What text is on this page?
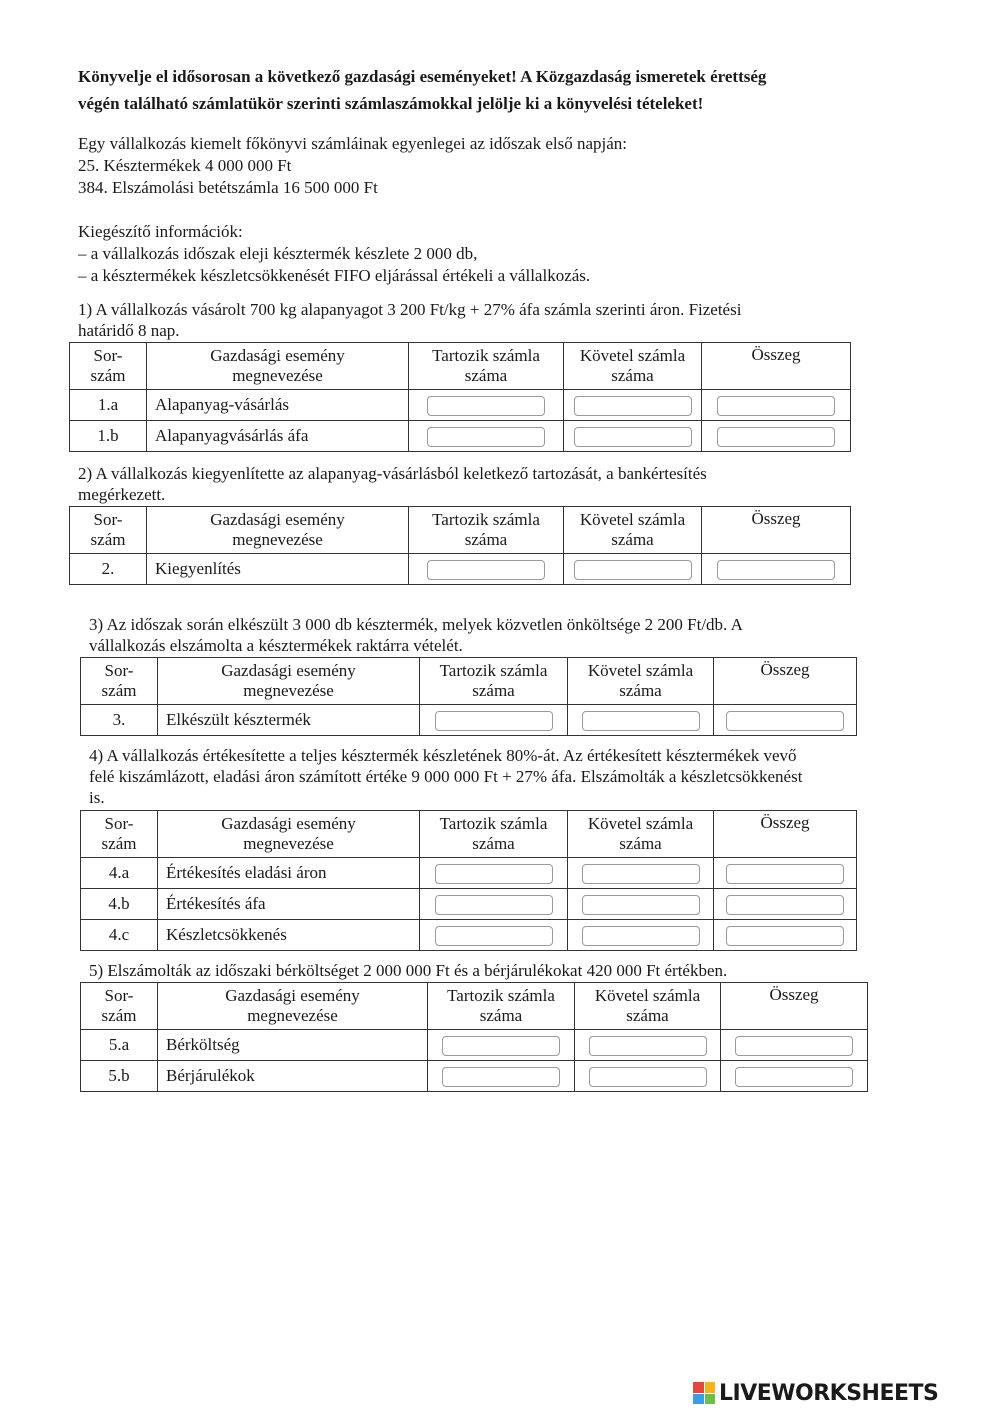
Könyvelje el idősorosan a következő gazdasági eseményeket! A Közgazdaság ismeretek érettség
végén található számlatükör szerinti számlaszámokkal jelölje ki a könyvelési tételeket!
Egy vállalkozás kiemelt főkönyvi számláinak egyenlegei az időszak első napján:
25. Késztermékek 4 000 000 Ft
384. Elszámolási betétszámla 16 500 000 Ft
Kiegészítő információk:
– a vállalkozás időszak eleji késztermék készlete 2 000 db,
– a késztermékek készletcsökkenését FIFO eljárással értékeli a vállalkozás.
1) A vállalkozás vásárolt 700 kg alapanyagot 3 200 Ft/kg + 27% áfa számla szerinti áron. Fizetési
határidő 8 nap.
Sor-
szám	Gazdasági esemény
megnevezése	Tartozik számla
száma	Követel számla
száma	Összeg
1.a	Alapanyag-vásárlás			
1.b	Alapanyagvásárlás áfa			
2) A vállalkozás kiegyenlítette az alapanyag-vásárlásból keletkező tartozását, a bankértesítés
megérkezett.
Sor-
szám	Gazdasági esemény
megnevezése	Tartozik számla
száma	Követel számla
száma	Összeg
2.	Kiegyenlítés			
3) Az időszak során elkészült 3 000 db késztermék, melyek közvetlen önköltsége 2 200 Ft/db. A
vállalkozás elszámolta a késztermékek raktárra vételét.
Sor-
szám	Gazdasági esemény
megnevezése	Tartozik számla
száma	Követel számla
száma	Összeg
3.	Elkészült késztermék			
4) A vállalkozás értékesítette a teljes késztermék készletének 80%-át. Az értékesített késztermékek vevő
felé kiszámlázott, eladási áron számított értéke 9 000 000 Ft + 27% áfa. Elszámolták a készletcsökkenést
is.
Sor-
szám	Gazdasági esemény
megnevezése	Tartozik számla
száma	Követel számla
száma	Összeg
4.a	Értékesítés eladási áron			
4.b	Értékesítés áfa			
4.c	Készletcsökkenés			
5) Elszámolták az időszaki bérköltséget 2 000 000 Ft és a bérjárulékokat 420 000 Ft értékben.
Sor-
szám	Gazdasági esemény
megnevezése	Tartozik számla
száma	Követel számla
száma	Összeg
5.a	Bérköltség			
5.b	Bérjárulékok			
LIVEWORKSHEETS
